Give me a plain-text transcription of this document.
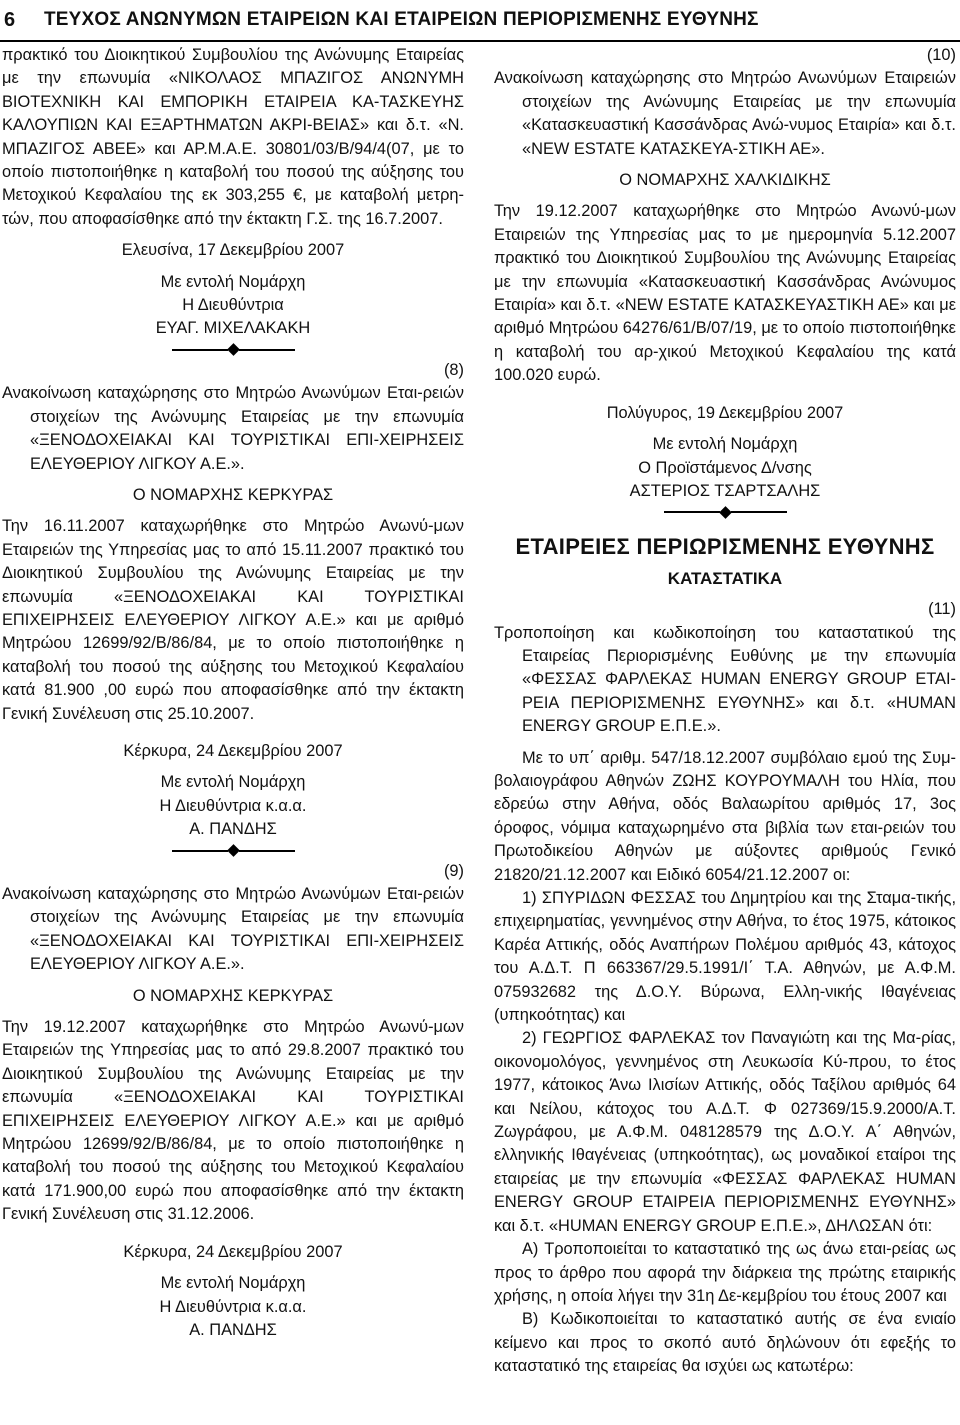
6	ΤΕΥΧΟΣ ΑΝΩΝΥΜΩΝ ΕΤΑΙΡΕΙΩΝ ΚΑΙ ΕΤΑΙΡΕΙΩΝ ΠΕΡΙΟΡΙΣΜΕΝΗΣ ΕΥΘΥΝΗΣ

πρακτικό του Διοικητικού Συμβουλίου της Ανώνυμης Εταιρείας με την επωνυμία «ΝΙΚΟΛΑΟΣ ΜΠΑΖΙΓΟΣ ΑΝΩΝΥΜΗ ΒΙΟΤΕΧΝΙΚΗ ΚΑΙ ΕΜΠΟΡΙΚΗ ΕΤΑΙΡΕΙΑ ΚΑ-ΤΑΣΚΕΥΗΣ ΚΑΛΟΥΠΙΩΝ ΚΑΙ ΕΞΑΡΤΗΜΑΤΩΝ ΑΚΡΙ-ΒΕΙΑΣ» και δ.τ. «Ν. ΜΠΑΖΙΓΟΣ ΑΒΕΕ» και ΑΡ.Μ.Α.Ε. 30801/03/Β/94/4(07, με το οποίο πιστοποιήθηκε η καταβολή του ποσού της αύξησης του Μετοχικού Κεφαλαίου της εκ 303,255 €, με καταβολή μετρη-τών, που αποφασίσθηκε από την έκτακτη Γ.Σ. της 16.7.2007.

Ελευσίνα, 17 Δεκεμβρίου 2007

Με εντολή Νομάρχη

Η Διευθύντρια

ΕΥΑΓ. ΜΙΧΕΛΑΚΑΚΗ

(8)

Ανακοίνωση καταχώρησης στο Μητρώο Ανωνύμων Εται-ρειών στοιχείων της Ανώνυμης Εταιρείας με την επωνυμία «ΞΕΝΟΔΟΧΕΙΑΚΑΙ ΚΑΙ ΤΟΥΡΙΣΤΙΚΑΙ ΕΠΙ-ΧΕΙΡΗΣΕΙΣ ΕΛΕΥΘΕΡΙΟΥ ΛΙΓΚΟΥ Α.Ε.».

Ο ΝΟΜΑΡΧΗΣ ΚΕΡΚΥΡΑΣ

Την 16.11.2007 καταχωρήθηκε στο Μητρώο Ανωνύ-μων Εταιρειών της Υπηρεσίας μας το από 15.11.2007 πρακτικό του Διοικητικού Συμβουλίου της Ανώνυμης Εταιρείας με την επωνυμία «ΞΕΝΟΔΟΧΕΙΑΚΑΙ ΚΑΙ ΤΟΥΡΙΣΤΙΚΑΙ ΕΠΙΧΕΙΡΗΣΕΙΣ ΕΛΕΥΘΕΡΙΟΥ ΛΙΓΚΟΥ Α.Ε.» και με αριθμό Μητρώου 12699/92/Β/86/84, με το οποίο πιστοποιήθηκε η καταβολή του ποσού της αύξησης του Μετοχικού Κεφαλαίου κατά 81.900 ,00 ευρώ που αποφασίσθηκε από την έκτακτη Γενική Συνέλευση στις 25.10.2007.

Κέρκυρα, 24 Δεκεμβρίου 2007

Με εντολή Νομάρχη

Η Διευθύντρια κ.α.α.

Α. ΠΑΝΔΗΣ

(9)

Ανακοίνωση καταχώρησης στο Μητρώο Ανωνύμων Εται-ρειών στοιχείων της Ανώνυμης Εταιρείας με την επωνυμία «ΞΕΝΟΔΟΧΕΙΑΚΑΙ ΚΑΙ ΤΟΥΡΙΣΤΙΚΑΙ ΕΠΙ-ΧΕΙΡΗΣΕΙΣ ΕΛΕΥΘΕΡΙΟΥ ΛΙΓΚΟΥ Α.Ε.».

Ο ΝΟΜΑΡΧΗΣ ΚΕΡΚΥΡΑΣ

Την 19.12.2007 καταχωρήθηκε στο Μητρώο Ανωνύ-μων Εταιρειών της Υπηρεσίας μας το από 29.8.2007 πρακτικό του Διοικητικού Συμβουλίου της Ανώνυμης Εταιρείας με την επωνυμία «ΞΕΝΟΔΟΧΕΙΑΚΑΙ ΚΑΙ ΤΟΥΡΙΣΤΙΚΑΙ ΕΠΙΧΕΙΡΗΣΕΙΣ ΕΛΕΥΘΕΡΙΟΥ ΛΙΓΚΟΥ Α.Ε.» και με αριθμό Μητρώου 12699/92/Β/86/84, με το οποίο πιστοποιήθηκε η καταβολή του ποσού της αύξησης του Μετοχικού Κεφαλαίου κατά 171.900,00 ευρώ που αποφασίσθηκε από την έκτακτη Γενική Συνέλευση στις 31.12.2006.

Κέρκυρα, 24 Δεκεμβρίου 2007

Με εντολή Νομάρχη

Η Διευθύντρια κ.α.α.

Α. ΠΑΝΔΗΣ

(10)

Ανακοίνωση καταχώρησης στο Μητρώο Ανωνύμων Εταιρειών στοιχείων της Ανώνυμης Εταιρείας με την επωνυμία «Κατασκευαστική Κασσάνδρας Ανώ-νυμος Εταιρία» και δ.τ. «NEW ESTATE ΚΑΤΑΣΚΕΥΑ-ΣΤΙΚΗ ΑΕ».

Ο ΝΟΜΑΡΧΗΣ ΧΑΛΚΙΔΙΚΗΣ

Την 19.12.2007 καταχωρήθηκε στο Μητρώο Ανωνύ-μων Εταιρειών της Υπηρεσίας μας το με ημερομηνία 5.12.2007 πρακτικό του Διοικητικού Συμβουλίου της Ανώνυμης Εταιρείας με την επωνυμία «Κατασκευαστική Κασσάνδρας Ανώνυμος Εταιρία» και δ.τ. «NEW ESTATE ΚΑΤΑΣΚΕΥΑΣΤΙΚΗ ΑΕ» και με αριθμό Μητρώου 64276/61/Β/07/19, με το οποίο πιστοποιήθηκε η καταβολή του αρ-χικού Μετοχικού Κεφαλαίου της κατά 100.020 ευρώ.

Πολύγυρος, 19 Δεκεμβρίου 2007

Με εντολή Νομάρχη

Ο Προϊστάμενος Δ/νσης

ΑΣΤΕΡΙΟΣ ΤΣΑΡΤΣΑΛΗΣ

ΕΤΑΙΡΕΙΕΣ ΠΕΡΙΩΡΙΣΜΕΝΗΣ ΕΥΘΥΝΗΣ

ΚΑΤΑΣΤΑΤΙΚΑ

(11)

Τροποποίηση και κωδικοποίηση του καταστατικού της Εταιρείας Περιορισμένης Ευθύνης με την επωνυμία «ΦΕΣΣΑΣ ΦΑΡΛΕΚΑΣ HUMAN ENERGY GROUP ΕΤΑΙ-ΡΕΙΑ ΠΕΡΙΟΡΙΣΜΕΝΗΣ ΕΥΘΥΝΗΣ» και δ.τ. «HUMAN ENERGY GROUP Ε.Π.Ε.».

Με το υπ΄ αριθμ. 547/18.12.2007 συμβόλαιο εμού της Συμ-βολαιογράφου Αθηνών ΖΩΗΣ ΚΟΥΡΟΥΜΑΛΗ του Ηλία, που εδρεύω στην Αθήνα, οδός Βαλαωρίτου αριθμός 17, 3ος όροφος, νόμιμα καταχωρημένο στα βιβλία των εται-ρειών του Πρωτοδικείου Αθηνών με αύξοντες αριθμούς Γενικό 21820/21.12.2007 και Ειδικό 6054/21.12.2007 οι:

1) ΣΠΥΡΙΔΩΝ ΦΕΣΣΑΣ του Δημητρίου και της Σταμα-τικής, επιχειρηματίας, γεννημένος στην Αθήνα, το έτος 1975, κάτοικος Καρέα Αττικής, οδός Αναπήρων Πολέμου αριθμός 43, κάτοχος του Α.Δ.Τ. Π 663367/29.5.1991/Ι΄ Τ.Α. Αθηνών, με Α.Φ.Μ. 075932682 της Δ.Ο.Υ. Βύρωνα, Ελλη-νικής Ιθαγένειας (υπηκοότητας) και

2) ΓΕΩΡΓΙΟΣ ΦΑΡΛΕΚΑΣ τον Παναγιώτη και της Μα-ρίας, οικονομολόγος, γεννημένος στη Λευκωσία Κύ-πρου, το έτος 1977, κάτοικος Άνω Ιλισίων Αττικής, οδός Ταξίλου αριθμός 64 και Νείλου, κάτοχος του Α.Δ.Τ. Φ 027369/15.9.2000/Α.Τ. Ζωγράφου, με Α.Φ.Μ. 048128579 της Δ.Ο.Υ. Α΄ Αθηνών, ελληνικής Ιθαγένειας (υπηκοότητας), ως μοναδικοί εταίροι της εταιρείας με την επωνυμία «ΦΕΣΣΑΣ ΦΑΡΛΕΚΑΣ HUMAN ENERGY GROUP ΕΤΑΙΡΕΙΑ ΠΕΡΙΟΡΙΣΜΕΝΗΣ ΕΥΘΥΝΗΣ» και δ.τ. «HUMAN ENERGY GROUP Ε.Π.Ε.», ΔΗΛΩΣΑΝ ότι:

Α) Τροποποιείται το καταστατικό της ως άνω εται-ρείας ως προς το άρθρο που αφορά την διάρκεια της πρώτης εταιρικής χρήσης, η οποία λήγει την 31η Δε-κεμβρίου του έτους 2007 και

Β) Κωδικοποιείται το καταστατικό αυτής σε ένα ενιαίο κείμενο και προς το σκοπό αυτό δηλώνουν ότι εφεξής το καταστατικό της εταιρείας θα ισχύει ως κατωτέρω:
